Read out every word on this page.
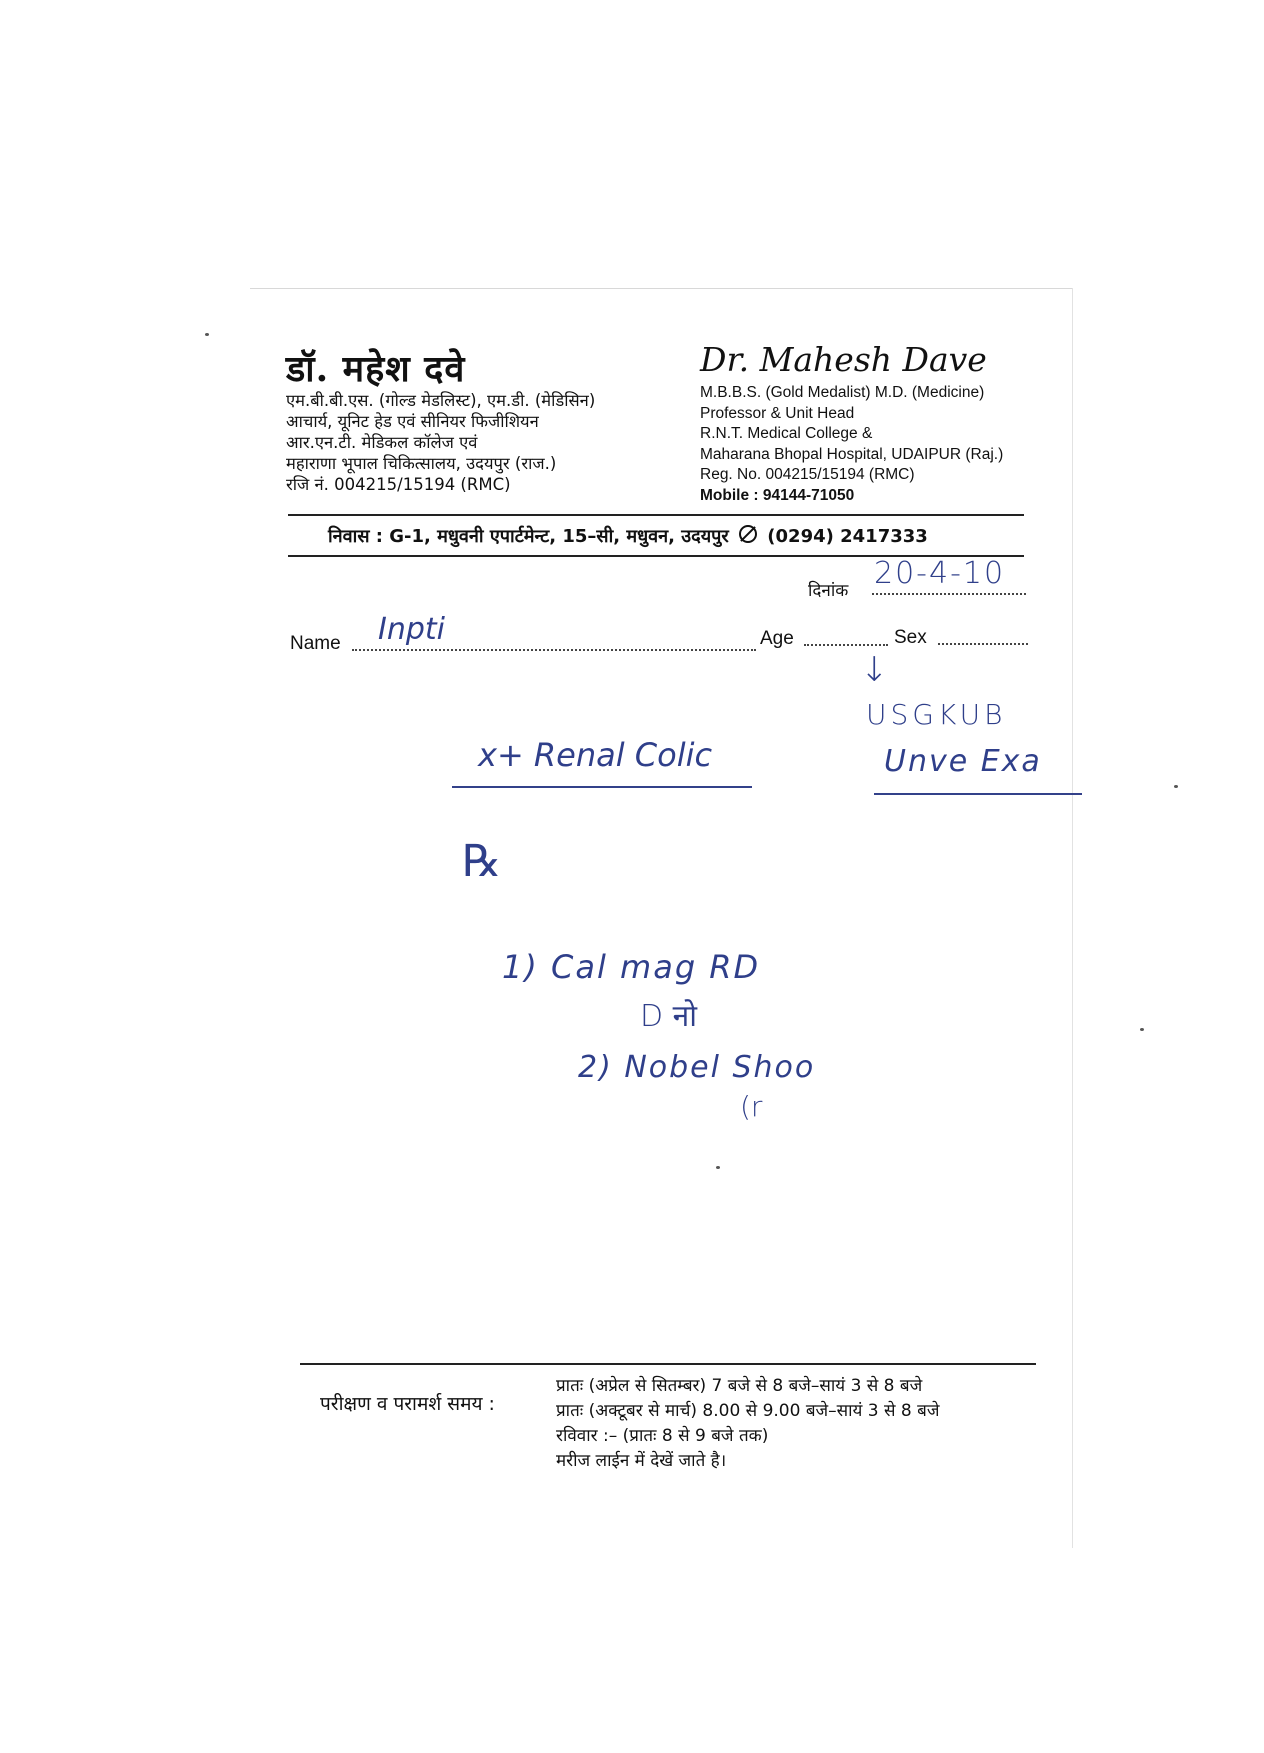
डॉ. महेश दवे
एम.बी.बी.एस. (गोल्ड मेडलिस्ट), एम.डी. (मेडिसिन)
आचार्य, यूनिट हेड एवं सीनियर फिजीशियन
आर.एन.टी. मेडिकल कॉलेज एवं
महाराणा भूपाल चिकित्सालय, उदयपुर (राज.)
रजि नं. 004215/15194 (RMC)
Dr. Mahesh Dave
M.B.B.S. (Gold Medalist) M.D. (Medicine)
Professor & Unit Head
R.N.T. Medical College &
Maharana Bhopal Hospital, UDAIPUR (Raj.)
Reg. No. 004215/15194 (RMC)
Mobile : 94144-71050
निवास : G-1, मधुवनी एपार्टमेन्ट, 15–सी, मधुवन, उदयपुर (0294) 2417333
दिनांक
Name	Age	Sex
20-4-10
Inpti
↓
USGKUB
Unve Exa
x+ Renal Colic
℞
1) Cal mag RD
D नो
2) Nobel Shoo
(r
परीक्षण व परामर्श समय :
प्रातः (अप्रेल से सितम्बर) 7 बजे से 8 बजे–सायं 3 से 8 बजे
प्रातः (अक्टूबर से मार्च) 8.00 से 9.00 बजे–सायं 3 से 8 बजे
रविवार :– (प्रातः 8 से 9 बजे तक)
मरीज लाईन में देखें जाते है।
